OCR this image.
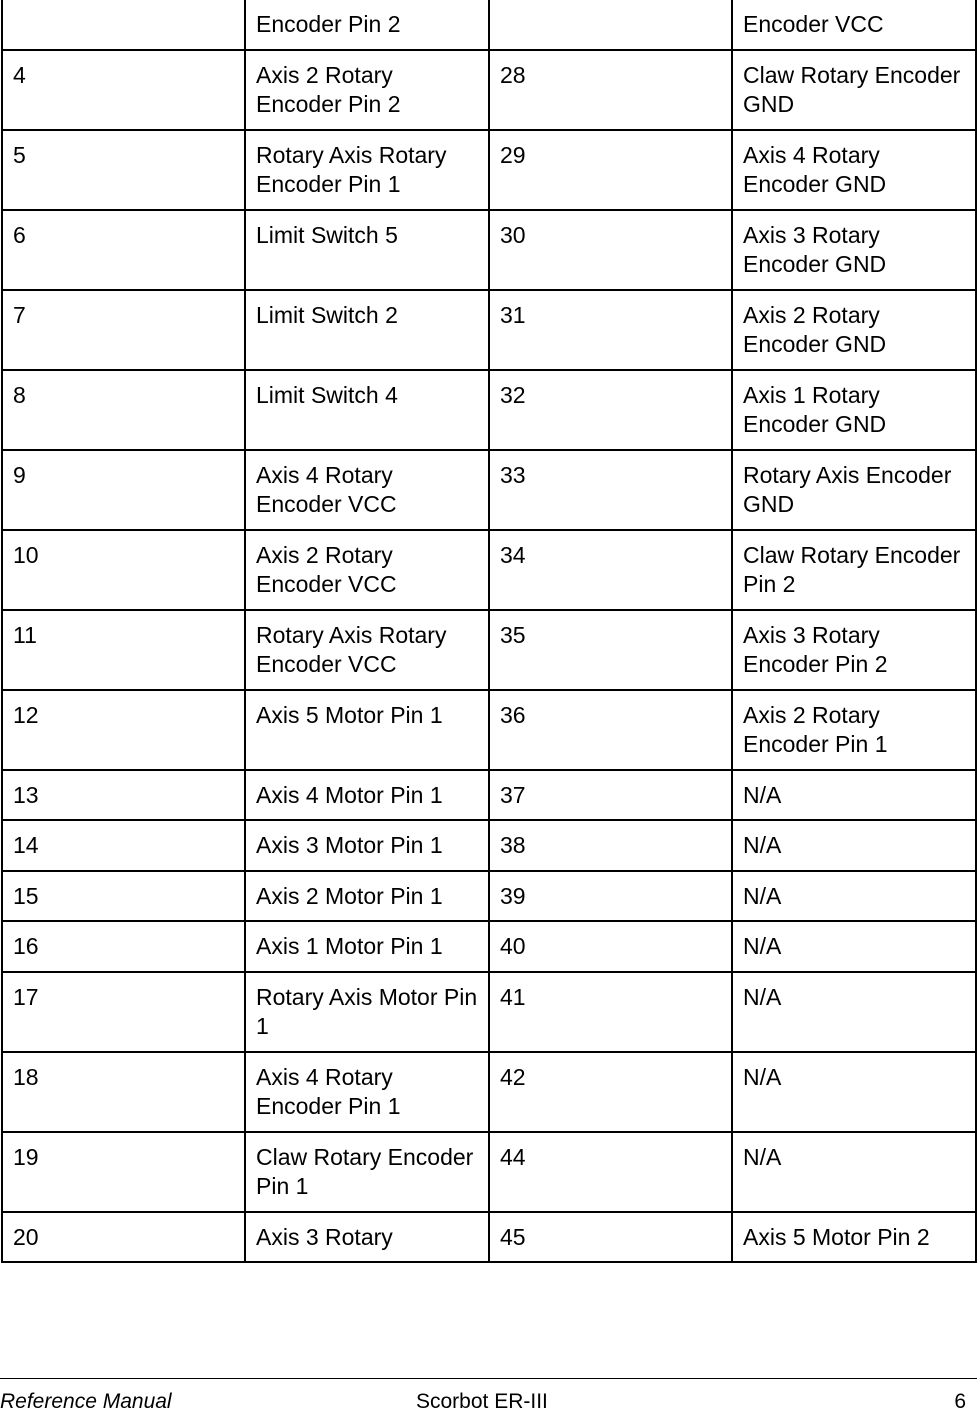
	Encoder Pin 2		Encoder VCC
4	Axis 2 Rotary Encoder Pin 2	28	Claw Rotary Encoder GND
5	Rotary Axis Rotary Encoder Pin 1	29	Axis 4 Rotary Encoder GND
6	Limit Switch 5	30	Axis 3 Rotary Encoder GND
7	Limit Switch 2	31	Axis 2 Rotary Encoder GND
8	Limit Switch 4	32	Axis 1 Rotary Encoder GND
9	Axis 4 Rotary Encoder VCC	33	Rotary Axis Encoder GND
10	Axis 2 Rotary Encoder VCC	34	Claw Rotary Encoder Pin 2
11	Rotary Axis Rotary Encoder VCC	35	Axis 3 Rotary Encoder Pin 2
12	Axis 5 Motor Pin 1	36	Axis 2 Rotary Encoder Pin 1
13	Axis 4 Motor Pin 1	37	N/A
14	Axis 3 Motor Pin 1	38	N/A
15	Axis 2 Motor Pin 1	39	N/A
16	Axis 1 Motor Pin 1	40	N/A
17	Rotary Axis Motor Pin 1	41	N/A
18	Axis 4 Rotary Encoder Pin 1	42	N/A
19	Claw Rotary Encoder Pin 1	44	N/A
20	Axis 3 Rotary	45	Axis 5 Motor Pin 2
Reference Manual	Scorbot ER-III	6
